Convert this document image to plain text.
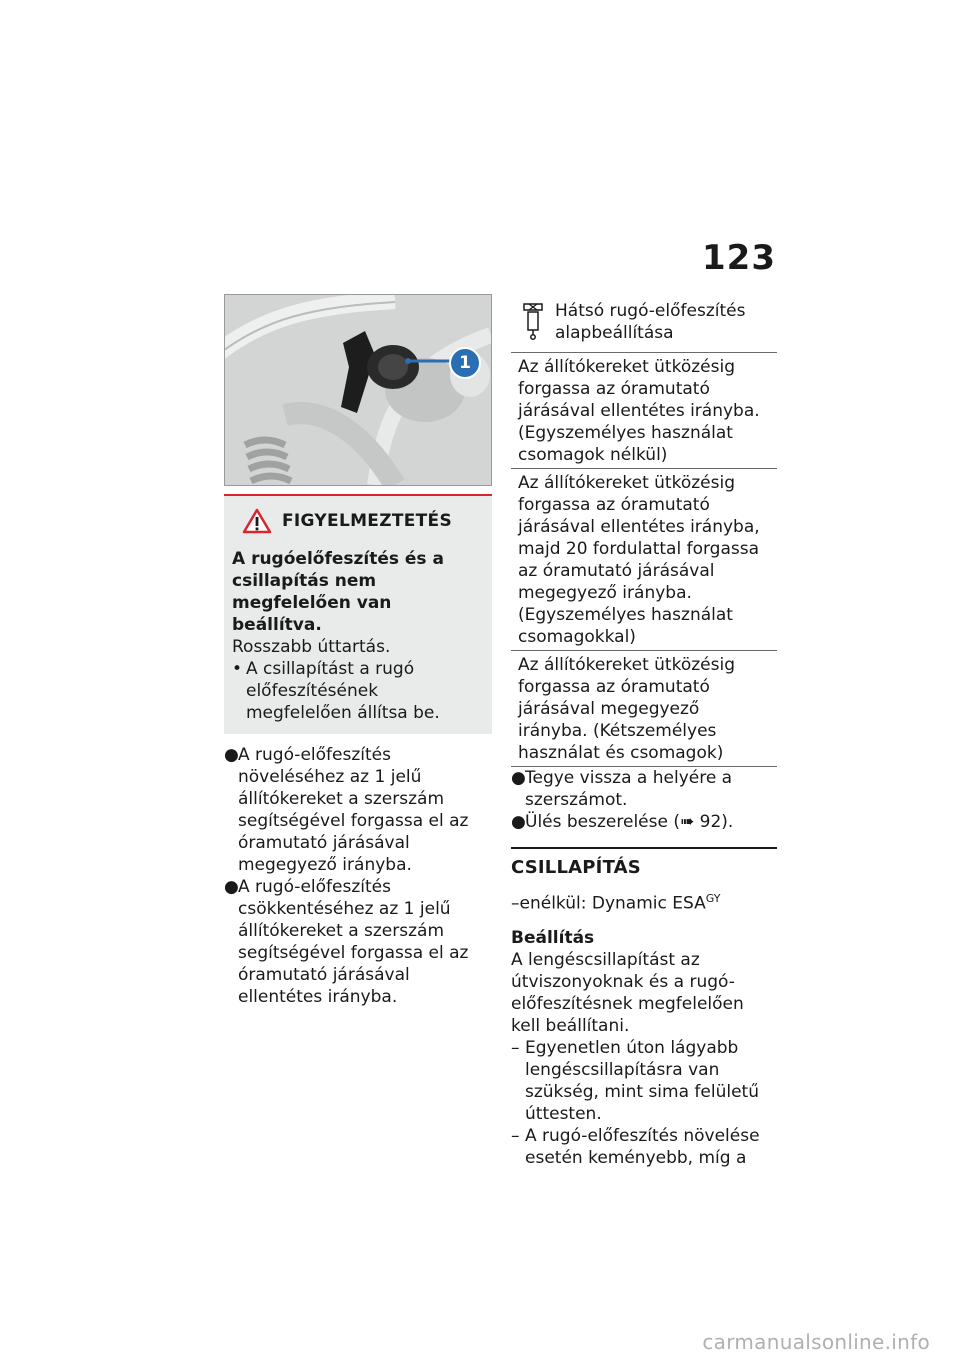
123
1
FIGYELMEZTETÉS
A rugóelőfeszítés és a csillapítás nem megfelelően van beállítva.
Rosszabb úttartás.
• A csillapítást a rugó előfeszítésének megfelelően állítsa be.
● A rugó-előfeszítés növeléséhez az 1 jelű állítókereket a szerszám segítségével forgassa el az óramutató járásával megegyező irányba.
● A rugó-előfeszítés csökkentéséhez az 1 jelű állítókereket a szerszám segítségével forgassa el az óramutató járásával ellentétes irányba.
Hátsó rugó-előfeszítés alapbeállítása
Az állítókereket ütközésig forgassa az óramutató járásával ellentétes irányba. (Egyszemélyes használat csomagok nélkül)
Az állítókereket ütközésig forgassa az óramutató járásával ellentétes irányba, majd 20 fordulattal forgassa az óramutató járásával megegyező irányba. (Egyszemélyes használat csomagokkal)
Az állítókereket ütközésig forgassa az óramutató járásával megegyező irányba. (Kétszemélyes használat és csomagok)
● Tegye vissza a helyére a szerszámot.
● Ülés beszerelése (➠ 92).
CSILLAPÍTÁS
–enélkül: Dynamic $ESA^{GY}$
Beállítás
A lengéscsillapítást az útviszonyoknak és a rugó-előfeszítésnek megfelelően kell beállítani.
– Egyenetlen úton lágyabb lengéscsillapításra van szükség, mint sima felületű úttesten.
– A rugó-előfeszítés növelése esetén keményebb, míg a
carmanualsonline.info
